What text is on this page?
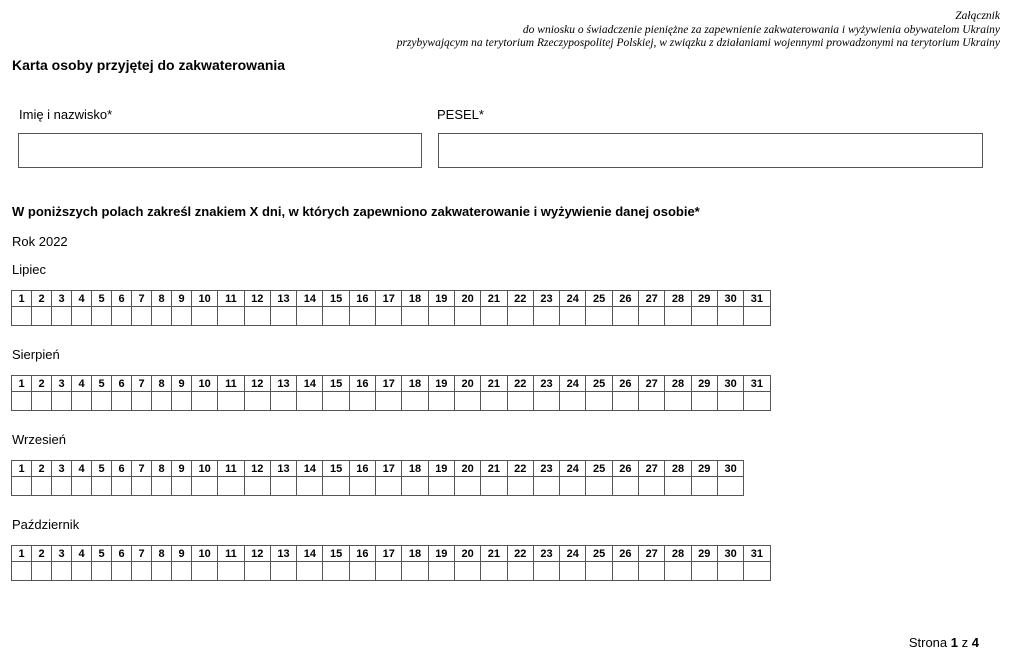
Załącznik
do wniosku o świadczenie pieniężne za zapewnienie zakwaterowania i wyżywienia obywatelom Ukrainy
przybywającym na terytorium Rzeczypospolitej Polskiej, w związku z działaniami wojennymi prowadzonymi na terytorium Ukrainy
Karta osoby przyjętej do zakwaterowania
Imię i nazwisko*	PESEL*
W poniższych polach zakreśl znakiem X dni, w których zapewniono zakwaterowanie i wyżywienie danej osobie*
Rok 2022
Lipiec
1	2	3	4	5	6	7	8	9	10	11	12	13	14	15	16	17	18	19	20	21	22	23	24	25	26	27	28	29	30	31

Sierpień
1	2	3	4	5	6	7	8	9	10	11	12	13	14	15	16	17	18	19	20	21	22	23	24	25	26	27	28	29	30	31

Wrzesień
1	2	3	4	5	6	7	8	9	10	11	12	13	14	15	16	17	18	19	20	21	22	23	24	25	26	27	28	29	30

Październik
1	2	3	4	5	6	7	8	9	10	11	12	13	14	15	16	17	18	19	20	21	22	23	24	25	26	27	28	29	30	31

Strona 1 z 4
